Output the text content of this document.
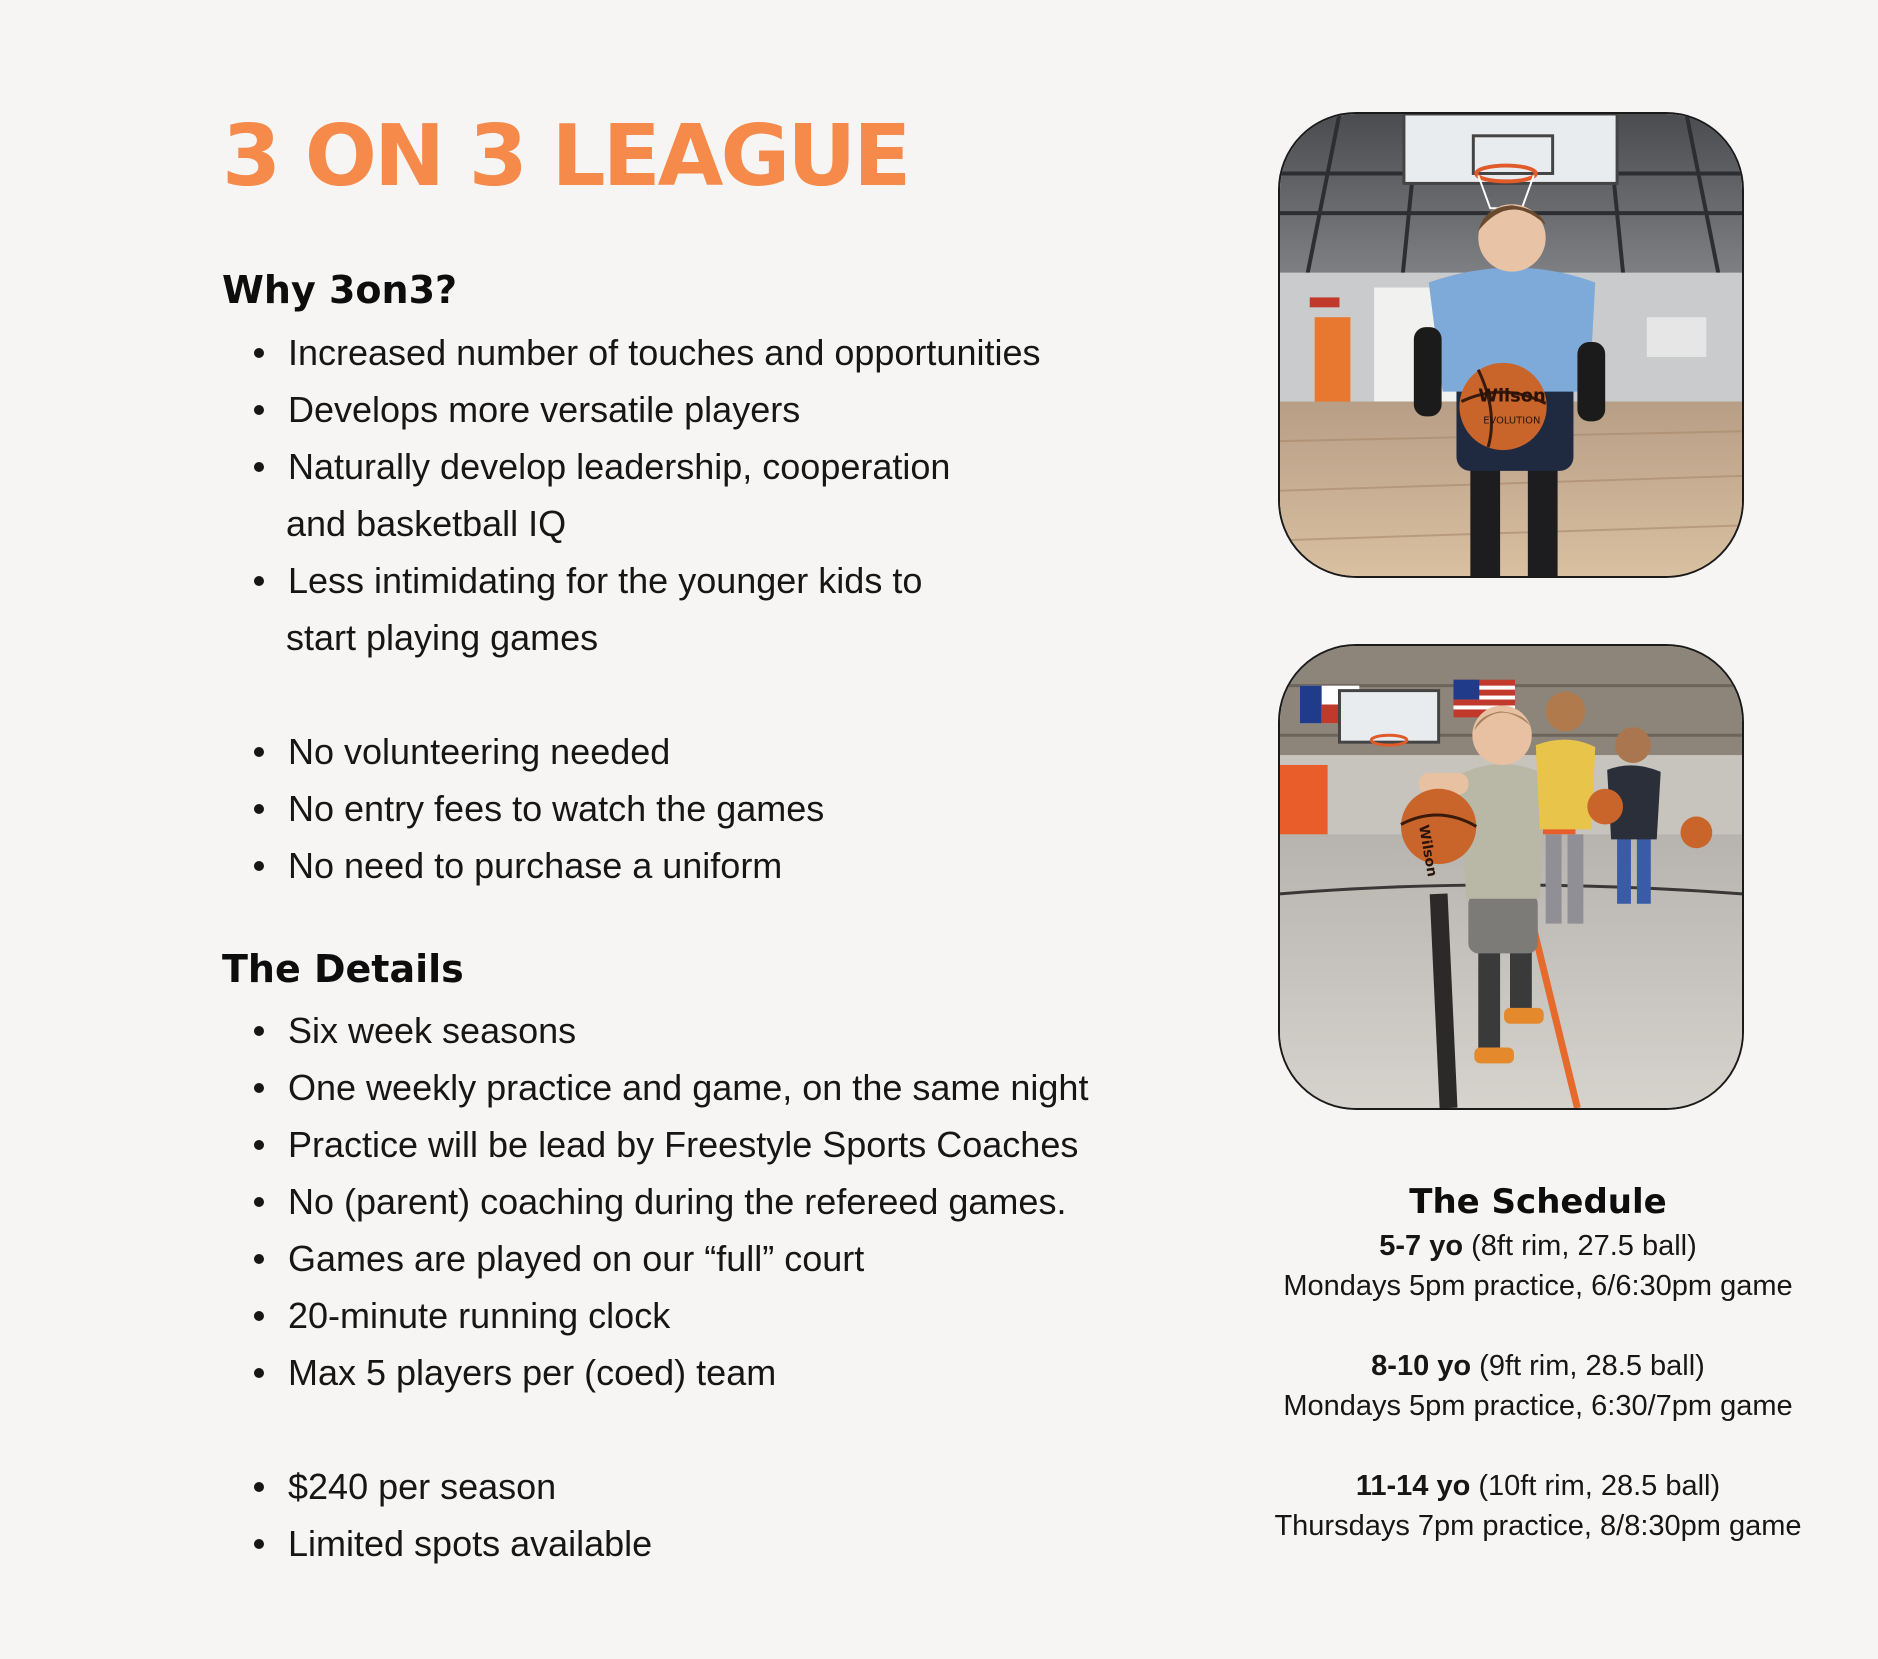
3 ON 3 LEAGUE
Why 3on3?
Increased number of touches and opportunities
Develops more versatile players
Naturally develop leadership, cooperation
and basketball IQ
Less intimidating for the younger kids to
start playing games
No volunteering needed
No entry fees to watch the games
No need to purchase a uniform
The Details
Six week seasons
One weekly practice and game, on the same night
Practice will be lead by Freestyle Sports Coaches
No (parent) coaching during the refereed games.
Games are played on our “full” court
20-minute running clock
Max 5 players per (coed) team
$240 per season
Limited spots available
Wilson
EVOLUTION
Wilson
The Schedule
5-7 yo (8ft rim, 27.5 ball)
Mondays 5pm practice, 6/6:30pm game
8-10 yo (9ft rim, 28.5 ball)
Mondays 5pm practice, 6:30/7pm game
11-14 yo (10ft rim, 28.5 ball)
Thursdays 7pm practice, 8/8:30pm game
